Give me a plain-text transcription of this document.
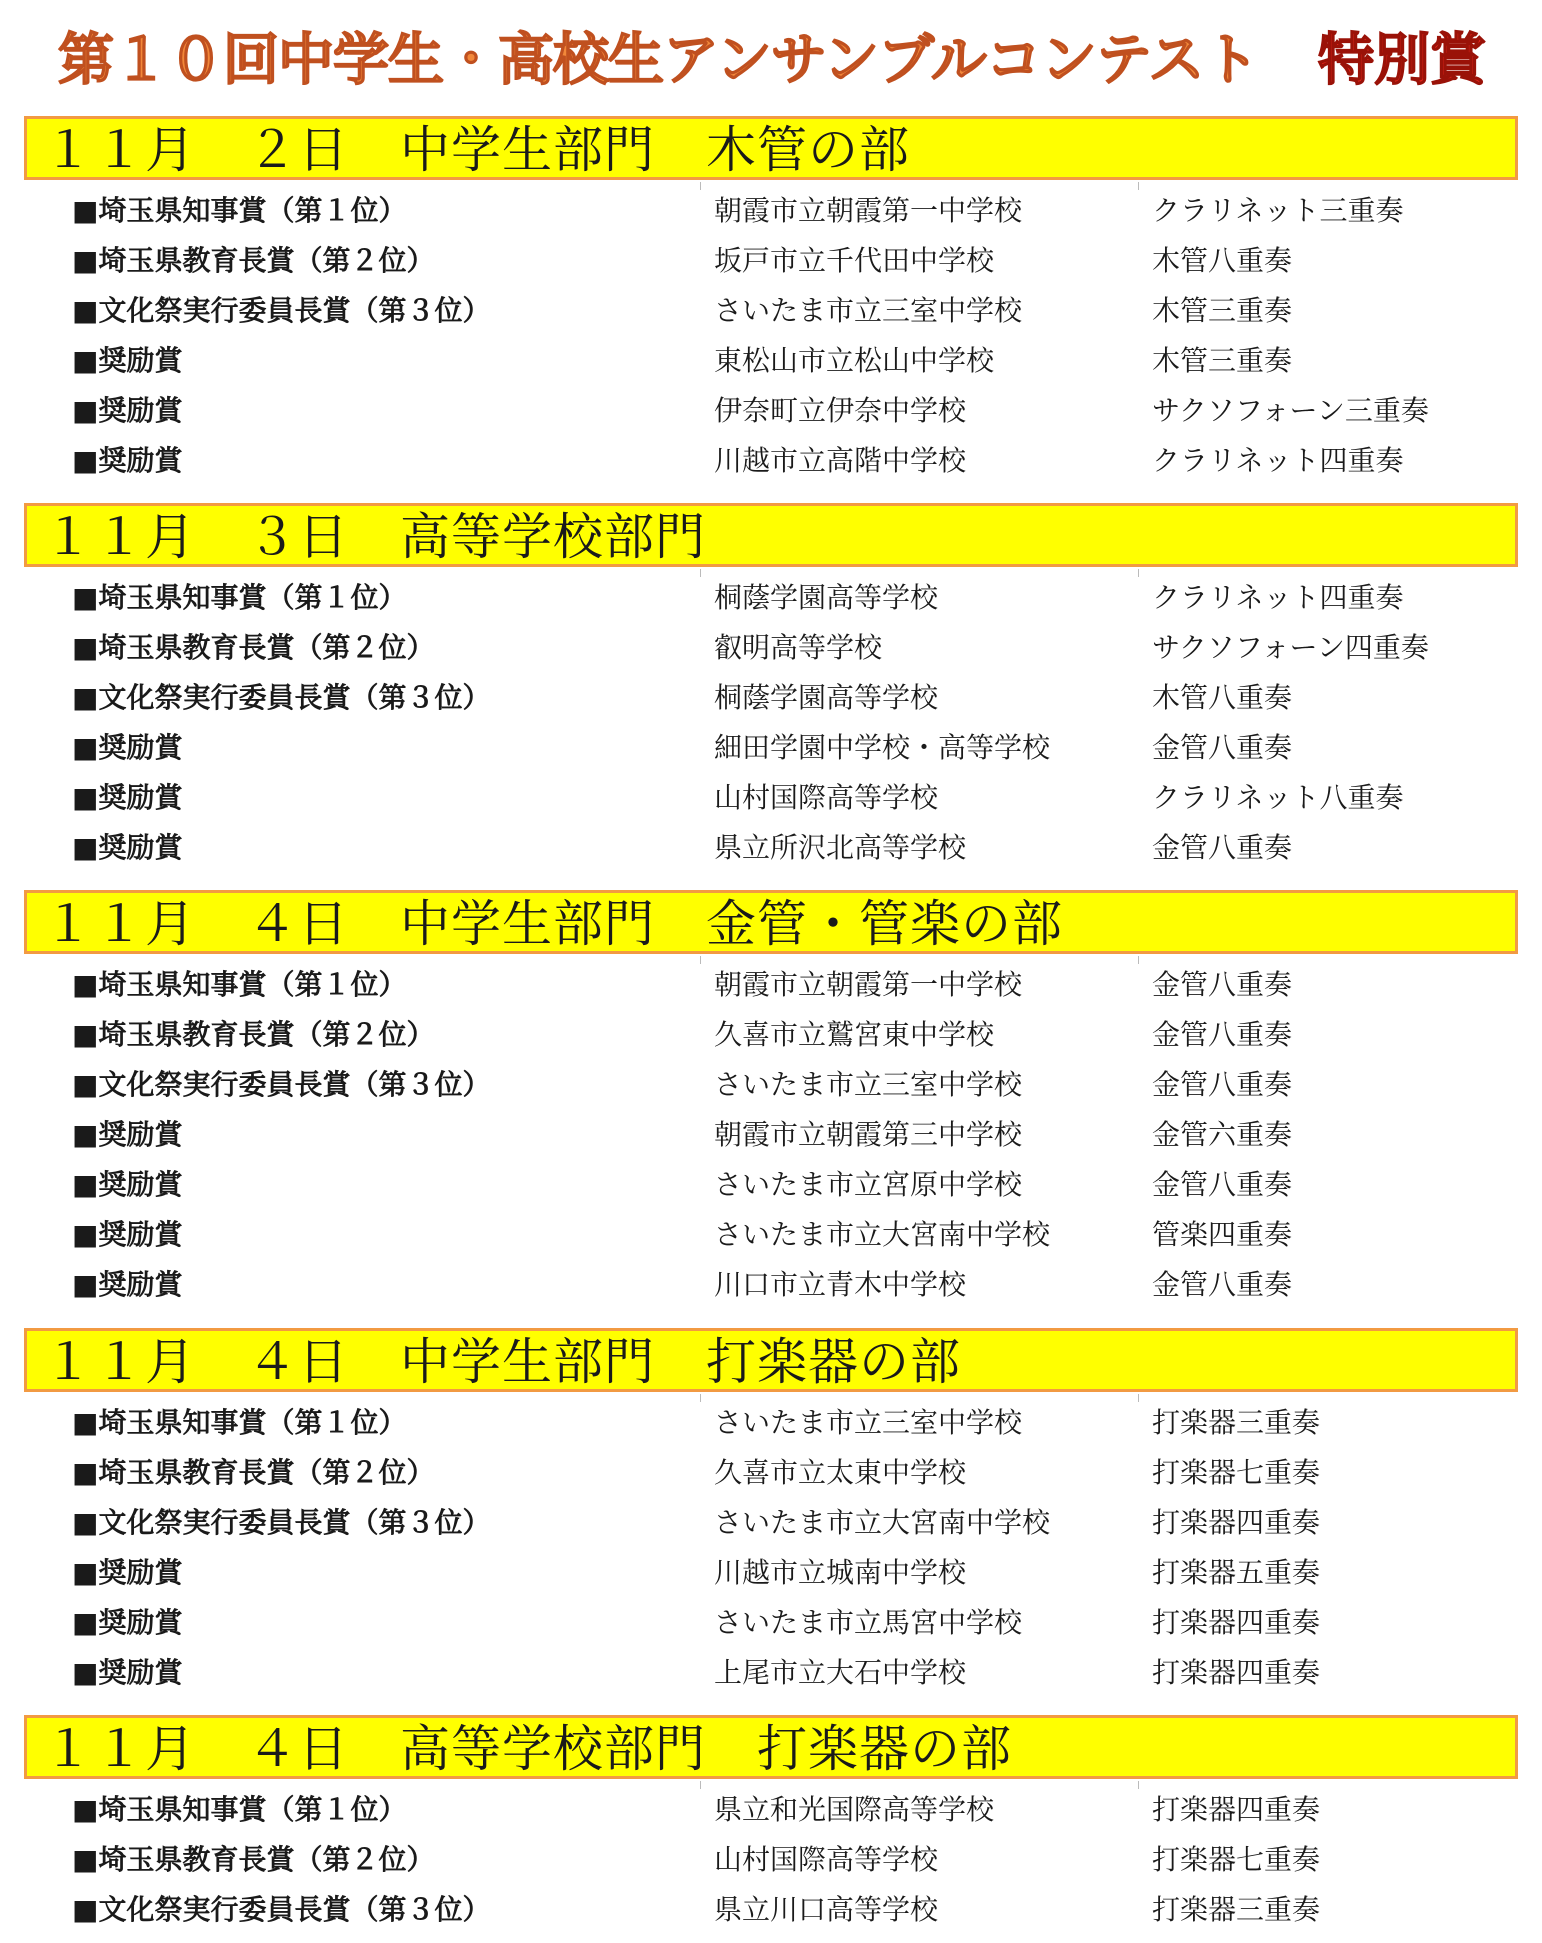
第１０回中学生・高校生アンサンブルコンテスト 特別賞
１１月　２日　中学生部門　木管の部
■埼玉県知事賞（第１位）	朝霞市立朝霞第一中学校	クラリネット三重奏
■埼玉県教育長賞（第２位）	坂戸市立千代田中学校	木管八重奏
■文化祭実行委員長賞（第３位）	さいたま市立三室中学校	木管三重奏
■奨励賞	東松山市立松山中学校	木管三重奏
■奨励賞	伊奈町立伊奈中学校	サクソフォーン三重奏
■奨励賞	川越市立高階中学校	クラリネット四重奏
１１月　３日　高等学校部門
■埼玉県知事賞（第１位）	桐蔭学園高等学校	クラリネット四重奏
■埼玉県教育長賞（第２位）	叡明高等学校	サクソフォーン四重奏
■文化祭実行委員長賞（第３位）	桐蔭学園高等学校	木管八重奏
■奨励賞	細田学園中学校・高等学校	金管八重奏
■奨励賞	山村国際高等学校	クラリネット八重奏
■奨励賞	県立所沢北高等学校	金管八重奏
１１月　４日　中学生部門　金管・管楽の部
■埼玉県知事賞（第１位）	朝霞市立朝霞第一中学校	金管八重奏
■埼玉県教育長賞（第２位）	久喜市立鷲宮東中学校	金管八重奏
■文化祭実行委員長賞（第３位）	さいたま市立三室中学校	金管八重奏
■奨励賞	朝霞市立朝霞第三中学校	金管六重奏
■奨励賞	さいたま市立宮原中学校	金管八重奏
■奨励賞	さいたま市立大宮南中学校	管楽四重奏
■奨励賞	川口市立青木中学校	金管八重奏
１１月　４日　中学生部門　打楽器の部
■埼玉県知事賞（第１位）	さいたま市立三室中学校	打楽器三重奏
■埼玉県教育長賞（第２位）	久喜市立太東中学校	打楽器七重奏
■文化祭実行委員長賞（第３位）	さいたま市立大宮南中学校	打楽器四重奏
■奨励賞	川越市立城南中学校	打楽器五重奏
■奨励賞	さいたま市立馬宮中学校	打楽器四重奏
■奨励賞	上尾市立大石中学校	打楽器四重奏
１１月　４日　高等学校部門　打楽器の部
■埼玉県知事賞（第１位）	県立和光国際高等学校	打楽器四重奏
■埼玉県教育長賞（第２位）	山村国際高等学校	打楽器七重奏
■文化祭実行委員長賞（第３位）	県立川口高等学校	打楽器三重奏
